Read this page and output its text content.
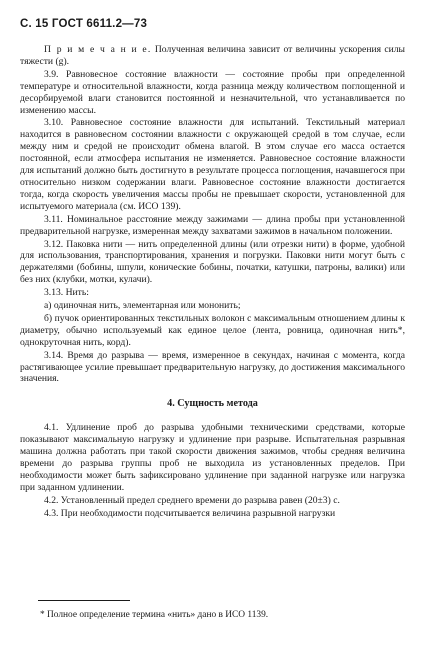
С. 15 ГОСТ 6611.2—73

П р и м е ч а н и е. Полученная величина зависит от величины ускорения силы тяжести (g).

3.9. Равновесное состояние влажности — состояние пробы при определенной температуре и относительной влажности, когда разница между количеством поглощенной и десорбируемой влаги становится постоянной и незначительной, что устанавливается по изменению массы.

3.10. Равновесное состояние влажности для испытаний. Текстильный материал находится в равновесном состоянии влажности с окружающей средой в том случае, если между ним и средой не происходит обмена влагой. В этом случае его масса остается постоянной, если атмосфера испытания не изменяется. Равновесное состояние влажности для испытаний должно быть достигнуто в результате процесса поглощения, начавшегося при относительно низком содержании влаги. Равновесное состояние влажности достигается тогда, когда скорость увеличения массы пробы не превышает скорости, установленной для испытуемого материала (см. ИСО 139).

3.11. Номинальное расстояние между зажимами — длина пробы при установленной предварительной нагрузке, измеренная между захватами зажимов в начальном положении.

3.12. Паковка нити — нить определенной длины (или отрезки нити) в форме, удобной для использования, транспортирования, хранения и погрузки. Паковки нити могут быть с держателями (бобины, шпули, конические бобины, початки, катушки, патроны, валики) или без них (клубки, мотки, кулачи).

3.13. Нить:

а) одиночная нить, элементарная или мононить;

б) пучок ориентированных текстильных волокон с максимальным отношением длины к диаметру, обычно используемый как единое целое (лента, ровница, одиночная нить*, однокруточная нить, корд).

3.14. Время до разрыва — время, измеренное в секундах, начиная с момента, когда растягивающее усилие превышает предварительную нагрузку, до достижения максимального значения.

4. Сущность метода

4.1. Удлинение проб до разрыва удобными техническими средствами, которые показывают максимальную нагрузку и удлинение при разрыве. Испытательная разрывная машина должна работать при такой скорости движения зажимов, чтобы средняя величина времени до разрыва группы проб не выходила из установленных пределов. При необходимости может быть зафиксировано удлинение при заданной нагрузке или нагрузка при заданном удлинении.

4.2. Установленный предел среднего времени до разрыва равен (20±3) с.

4.3. При необходимости подсчитывается величина разрывной нагрузки

* Полное определение термина «нить» дано в ИСО 1139.
